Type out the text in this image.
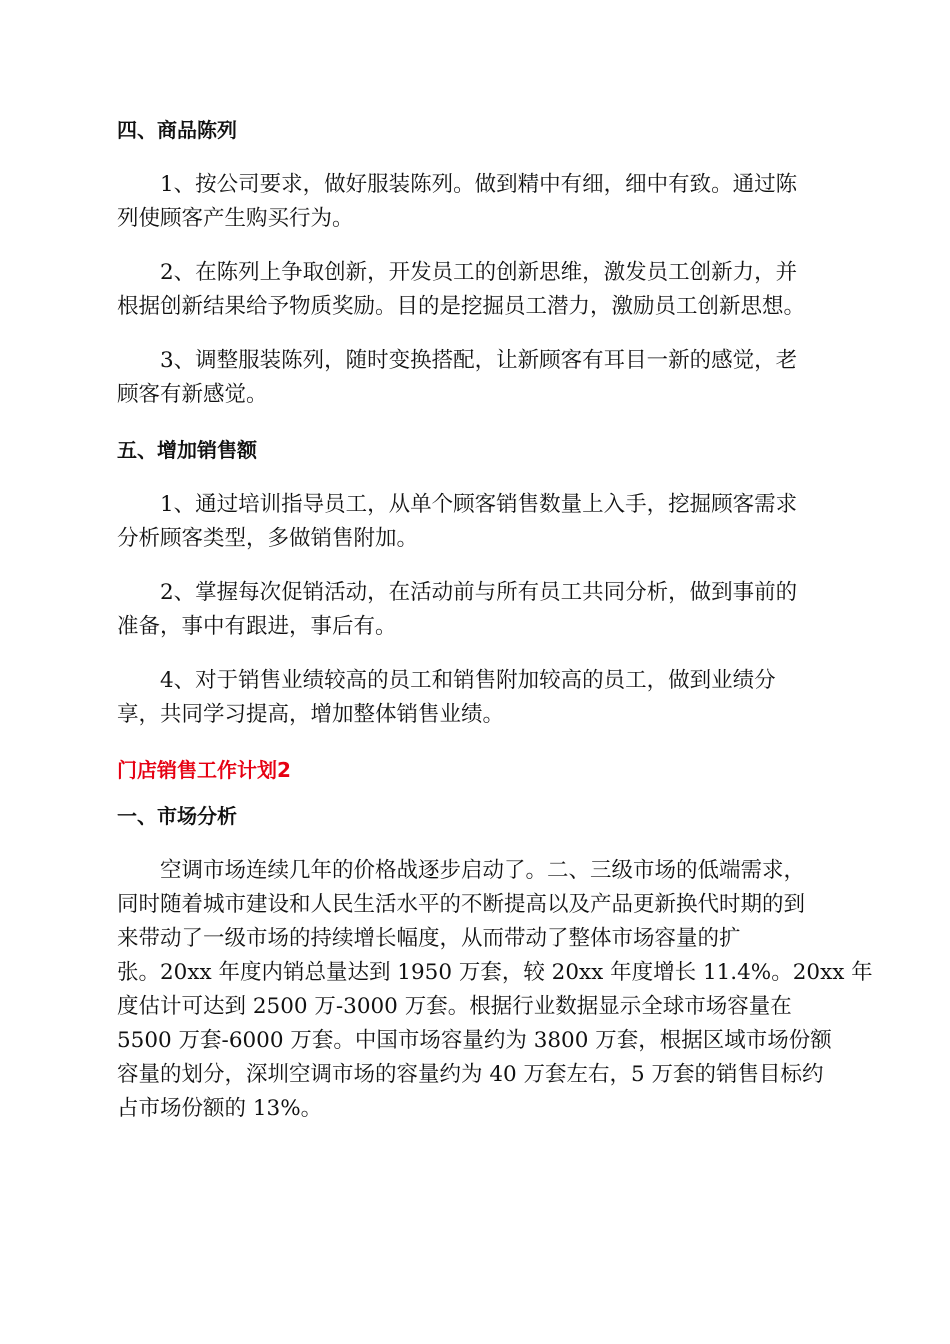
四、商品陈列
1、按公司要求，做好服装陈列。做到精中有细，细中有致。通过陈
列使顾客产生购买行为。
2、在陈列上争取创新，开发员工的创新思维，激发员工创新力，并
根据创新结果给予物质奖励。目的是挖掘员工潜力，激励员工创新思想。
3、调整服装陈列，随时变换搭配，让新顾客有耳目一新的感觉，老
顾客有新感觉。
五、增加销售额
1、通过培训指导员工，从单个顾客销售数量上入手，挖掘顾客需求
分析顾客类型，多做销售附加。
2、掌握每次促销活动，在活动前与所有员工共同分析，做到事前的
准备，事中有跟进，事后有。
4、对于销售业绩较高的员工和销售附加较高的员工，做到业绩分
享，共同学习提高，增加整体销售业绩。
门店销售工作计划2
一、市场分析
空调市场连续几年的价格战逐步启动了。二、三级市场的低端需求，
同时随着城市建设和人民生活水平的不断提高以及产品更新换代时期的到
来带动了一级市场的持续增长幅度，从而带动了整体市场容量的扩
张。20xx 年度内销总量达到 1950 万套，较 20xx 年度增长 11.4%。20xx 年
度估计可达到 2500 万-3000 万套。根据行业数据显示全球市场容量在
5500 万套-6000 万套。中国市场容量约为 3800 万套，根据区域市场份额
容量的划分，深圳空调市场的容量约为 40 万套左右，5 万套的销售目标约
占市场份额的 13%。
